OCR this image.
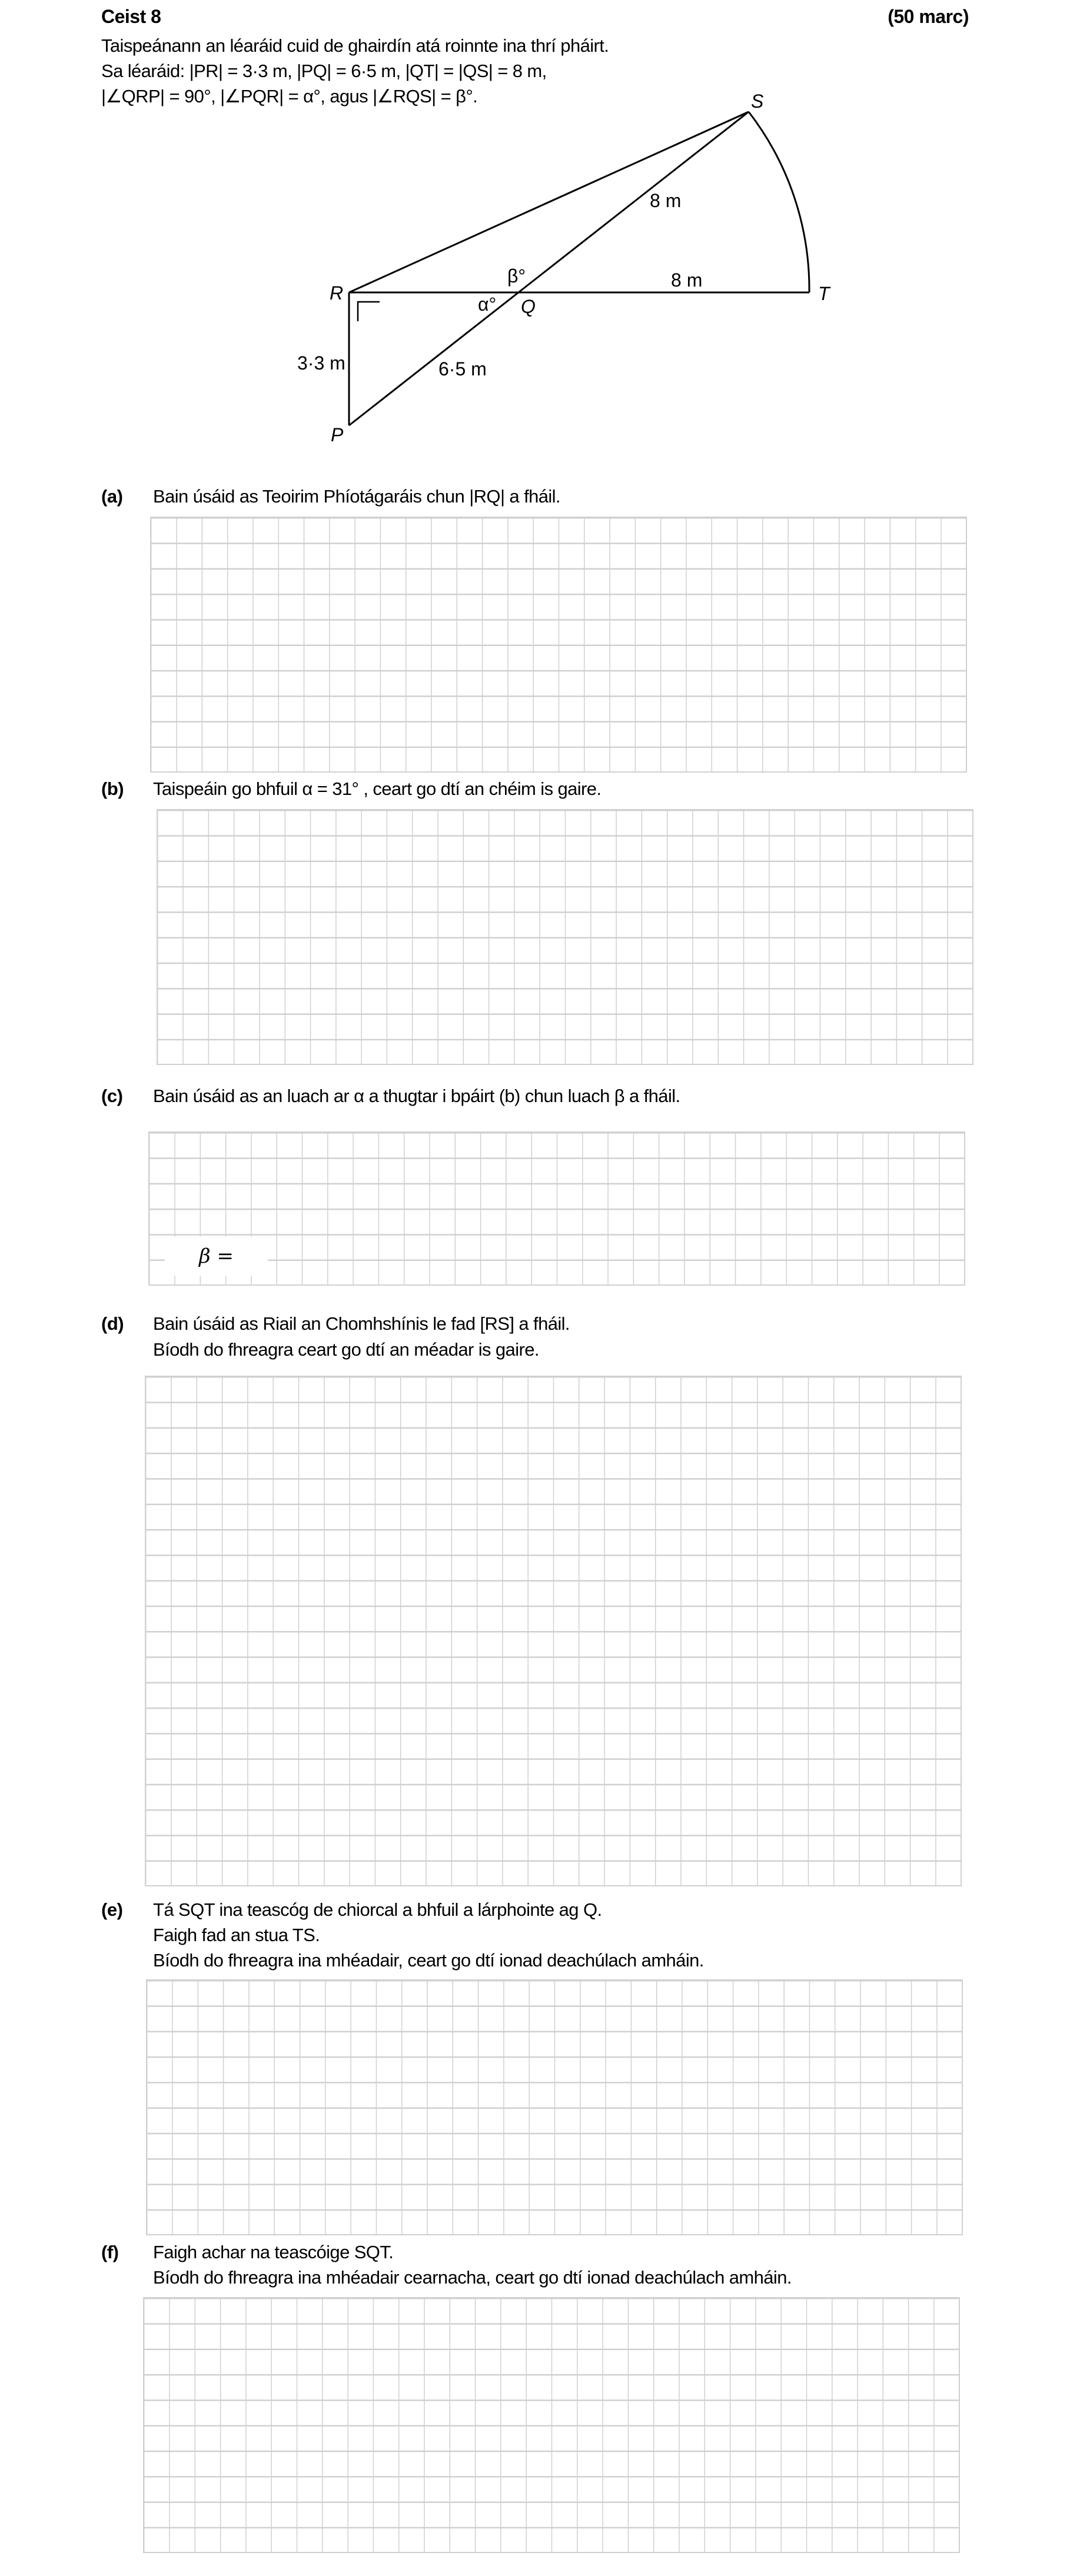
Ceist 8	(50 marc)
Taispeánann an léaráid cuid de ghairdín atá roinnte ina thrí pháirt.
Sa léaráid: |PR| = 3·3 m, |PQ| = 6·5 m, |QT| = |QS| = 8 m,
|∠QRP| = 90°, |∠PQR| = α°, agus |∠RQS| = β°.
R
P
Q
T
S
8 m
8 m
3·3 m	6·5 m
α°
β°
(a) Bain úsáid as Teoirim Phíotágaráis chun |RQ| a fháil.
(b) Taispeáin go bhfuil α = 31° , ceart go dtí an chéim is gaire.
(c) Bain úsáid as an luach ar α a thugtar i bpáirt (b) chun luach β a fháil.
β =
(d) Bain úsáid as Riail an Chomhshínis le fad [RS] a fháil.
Bíodh do fhreagra ceart go dtí an méadar is gaire.
(e) Tá SQT ina teascóg de chiorcal a bhfuil a lárphointe ag Q.
Faigh fad an stua TS.
Bíodh do fhreagra ina mhéadair, ceart go dtí ionad deachúlach amháin.
(f) Faigh achar na teascóige SQT.
Bíodh do fhreagra ina mhéadair cearnacha, ceart go dtí ionad deachúlach amháin.
